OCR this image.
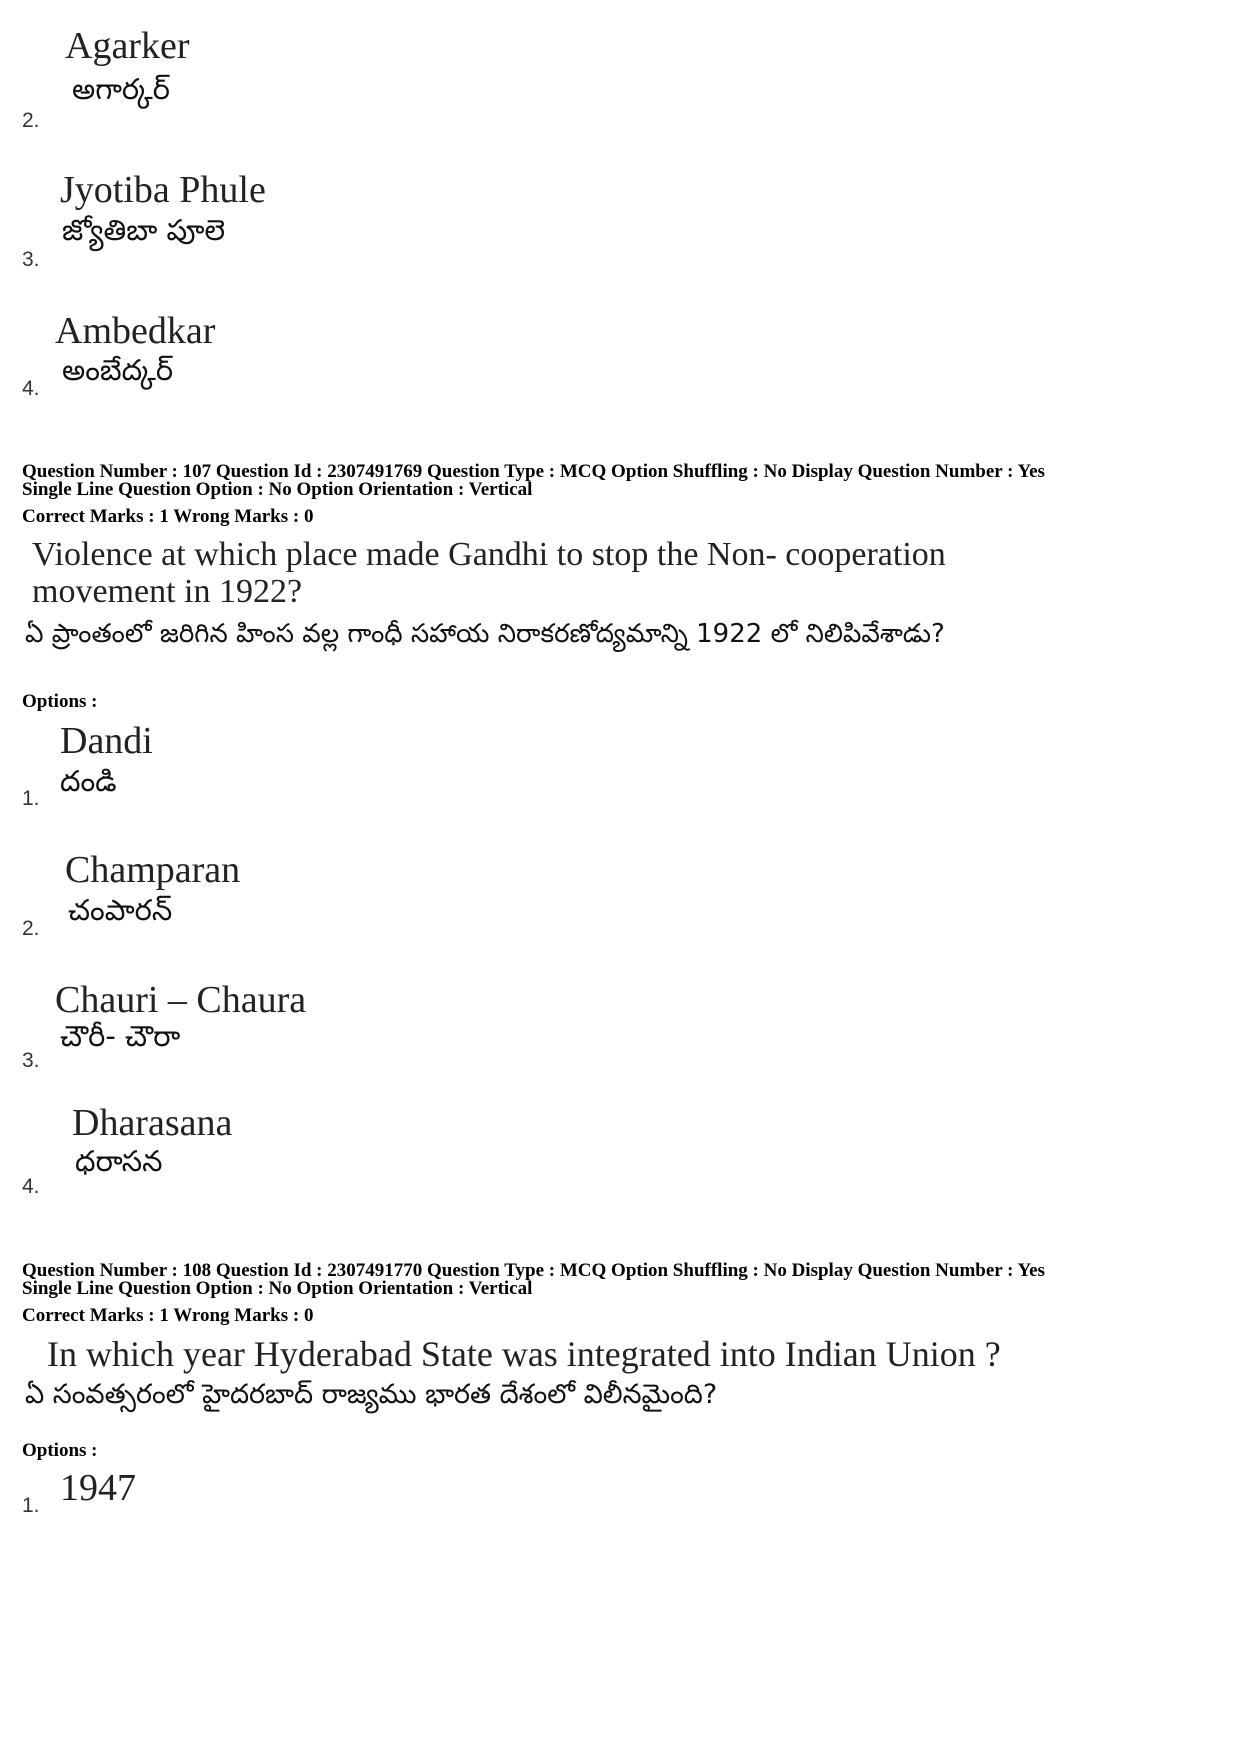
Agarker
అగార్కర్
2.
Jyotiba Phule
జ్యోతిబా పూలె
3.
Ambedkar
అంబేద్కర్
4.
Question Number : 107 Question Id : 2307491769 Question Type : MCQ Option Shuffling : No Display Question Number : Yes
Single Line Question Option : No Option Orientation : Vertical
Correct Marks : 1 Wrong Marks : 0
Violence at which place made Gandhi to stop the Non- cooperation
movement in 1922?
ఏ ప్రాంతంలో జరిగిన హింస వల్ల గాంధీ సహాయ నిరాకరణోద్యమాన్ని 1922 లో నిలిపివేశాడు?
Options :
Dandi
దండి
1.
Champaran
చంపారన్
2.
Chauri – Chaura
చౌరీ- చౌరా
3.
Dharasana
ధరాసన
4.
Question Number : 108 Question Id : 2307491770 Question Type : MCQ Option Shuffling : No Display Question Number : Yes
Single Line Question Option : No Option Orientation : Vertical
Correct Marks : 1 Wrong Marks : 0
In which year Hyderabad State was integrated into Indian Union ?
ఏ సంవత్సరంలో హైదరబాద్ రాజ్యము భారత దేశంలో విలీనమైంది?
Options :
1947
1.
